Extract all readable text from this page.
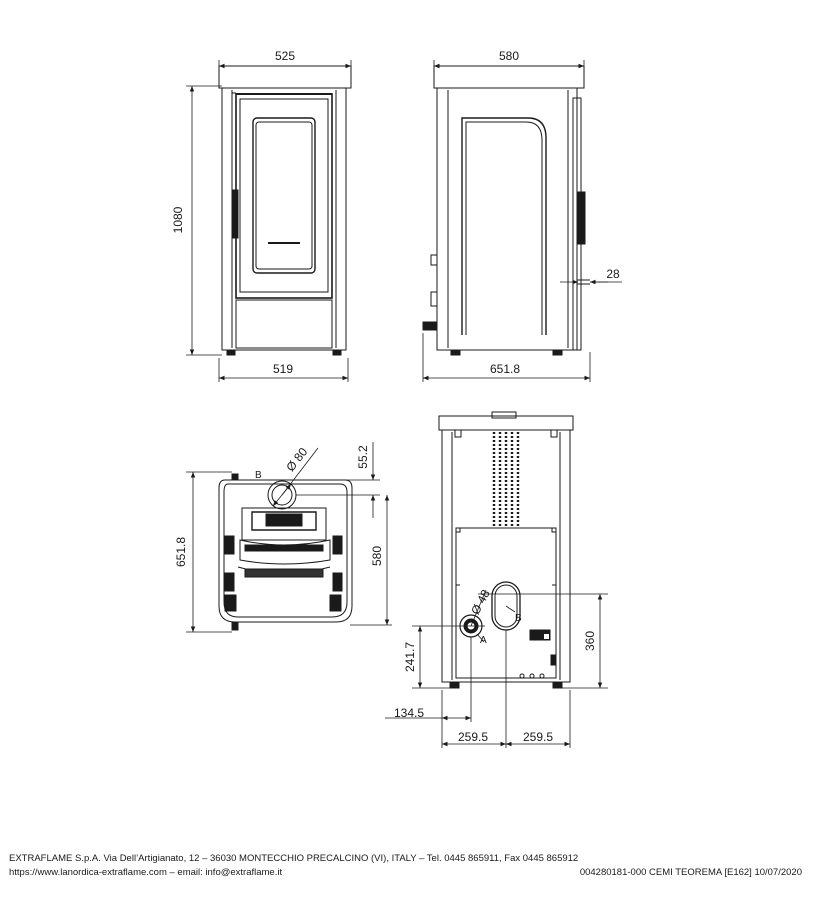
525
1080
519
580
28
651.8
B
Ø 80	55.2
651.8	580
Ø 48
B
A
241.7
360
134.5
259.5	259.5
EXTRAFLAME S.p.A. Via Dell’Artigianato, 12 – 36030 MONTECCHIO PRECALCINO (VI), ITALY – Tel. 0445 865911, Fax 0445 865912
https://www.lanordica-extraflame.com – email: info@extraflame.it	004280181-000 CEMI TEOREMA [E162] 10/07/2020
